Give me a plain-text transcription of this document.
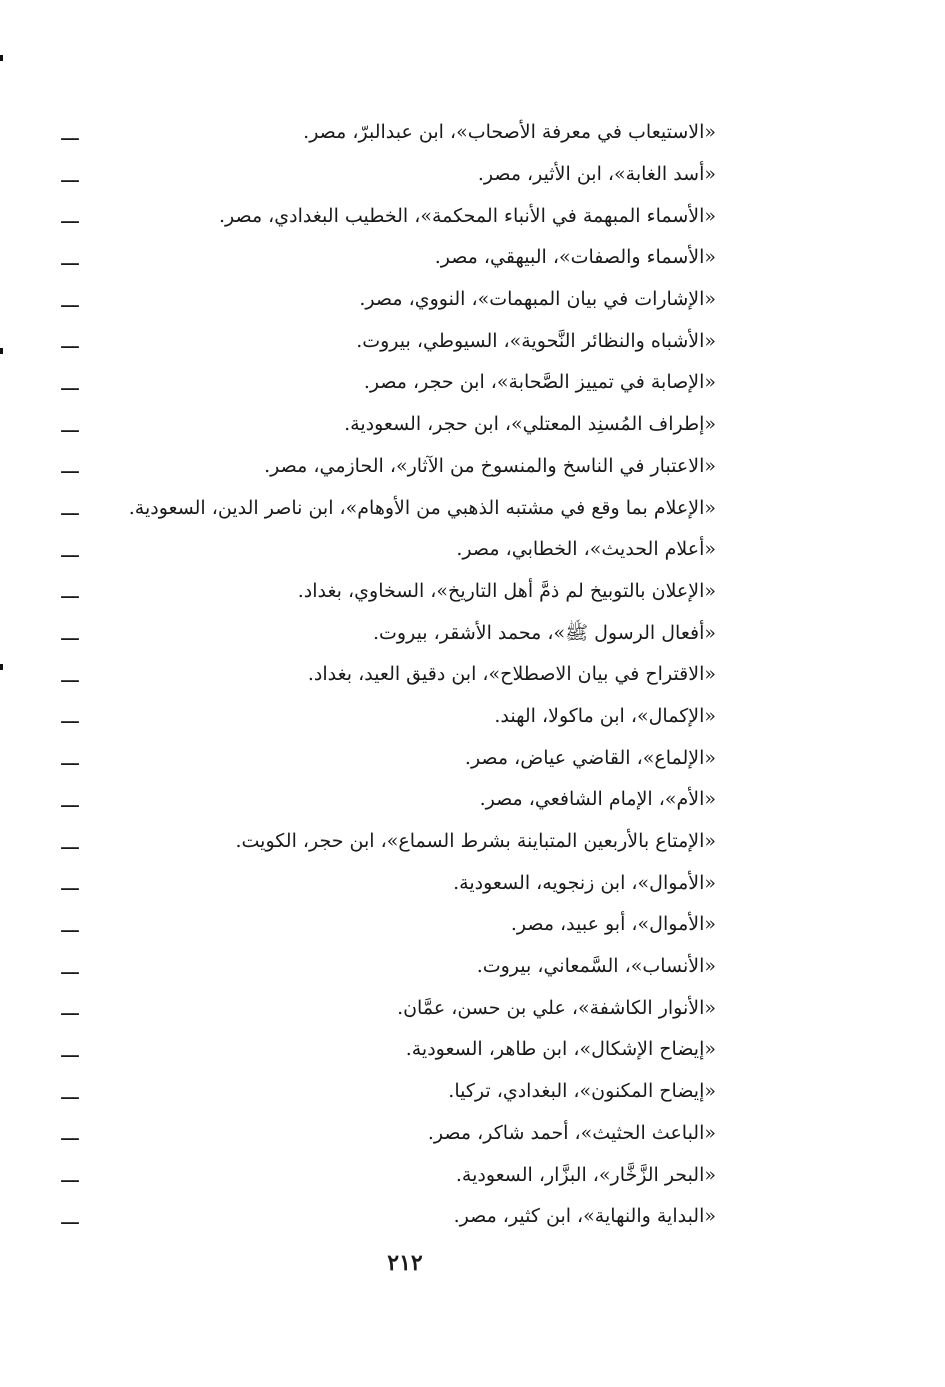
ـــ	«الاستيعاب في معرفة الأصحاب»، ابن عبدالبرّ، مصر.
ـــ	«أسد الغابة»، ابن الأثير، مصر.
ـــ	«الأسماء المبهمة في الأنباء المحكمة»، الخطيب البغدادي، مصر.
ـــ	«الأسماء والصفات»، البيهقي، مصر.
ـــ	«الإشارات في بيان المبهمات»، النووي، مصر.
ـــ	«الأشباه والنظائر النَّحوية»، السيوطي، بيروت.
ـــ	«الإصابة في تمييز الصَّحابة»، ابن حجر، مصر.
ـــ	«إطراف المُسنِد المعتلي»، ابن حجر، السعودية.
ـــ	«الاعتبار في الناسخ والمنسوخ من الآثار»، الحازمي، مصر.
ـــ	«الإعلام بما وقع في مشتبه الذهبي من الأوهام»، ابن ناصر الدين، السعودية.
ـــ	«أعلام الحديث»، الخطابي، مصر.
ـــ	«الإعلان بالتوبيخ لم ذمَّ أهل التاريخ»، السخاوي، بغداد.
ـــ	«أفعال الرسول ﷺ»، محمد الأشقر، بيروت.
ـــ	«الاقتراح في بيان الاصطلاح»، ابن دقيق العيد، بغداد.
ـــ	«الإكمال»، ابن ماكولا، الهند.
ـــ	«الإلماع»، القاضي عياض، مصر.
ـــ	«الأم»، الإمام الشافعي، مصر.
ـــ	«الإمتاع بالأربعين المتباينة بشرط السماع»، ابن حجر، الكويت.
ـــ	«الأموال»، ابن زنجويه، السعودية.
ـــ	«الأموال»، أبو عبيد، مصر.
ـــ	«الأنساب»، السَّمعاني، بيروت.
ـــ	«الأنوار الكاشفة»، علي بن حسن، عمَّان.
ـــ	«إيضاح الإشكال»، ابن طاهر، السعودية.
ـــ	«إيضاح المكنون»، البغدادي، تركيا.
ـــ	«الباعث الحثيث»، أحمد شاكر، مصر.
ـــ	«البحر الزَّخَّار»، البزَّار، السعودية.
ـــ	«البداية والنهاية»، ابن كثير، مصر.
٢١٢
